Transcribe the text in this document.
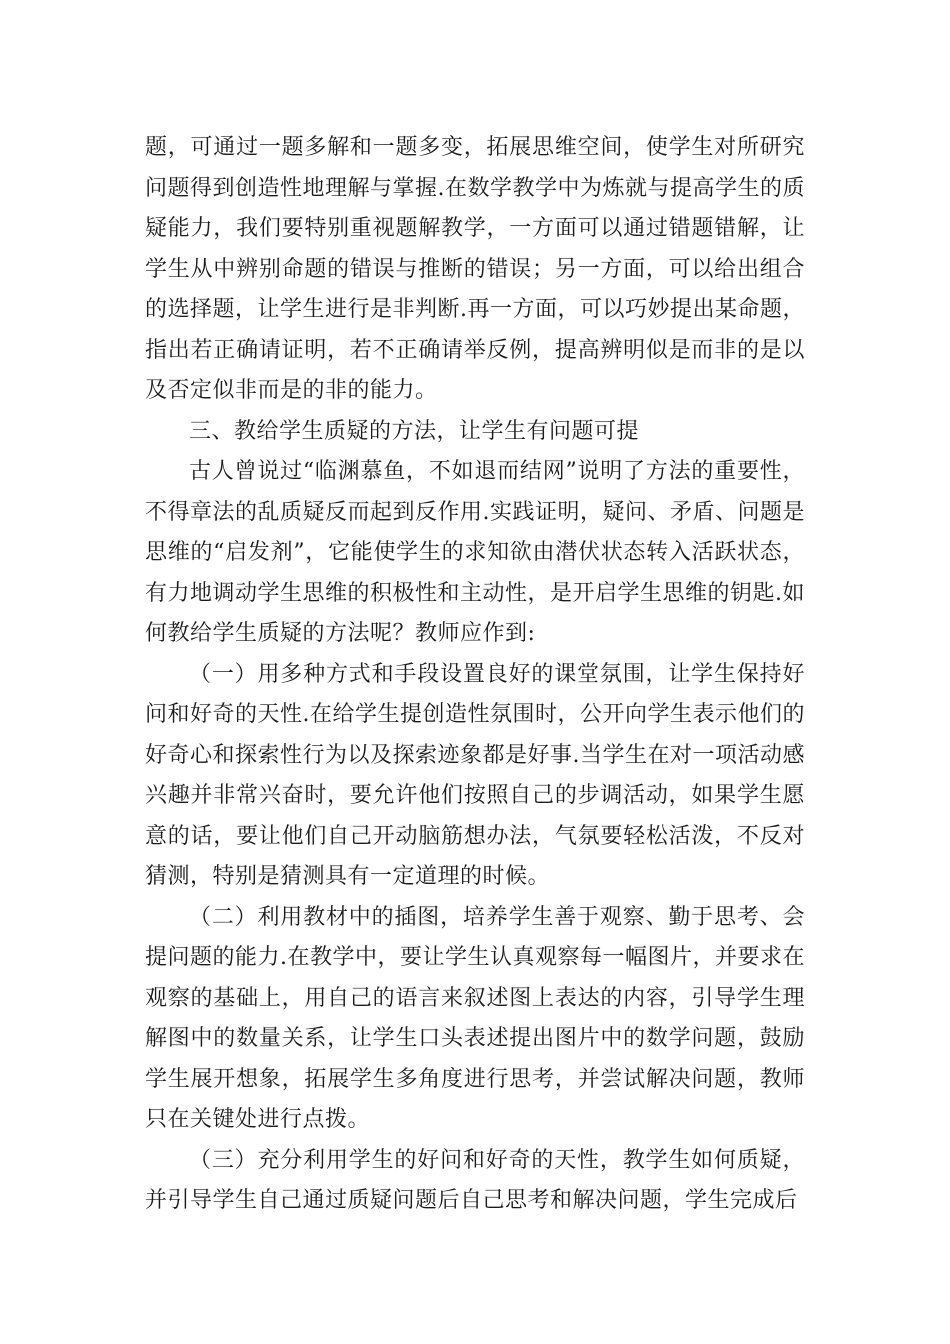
题，可通过一题多解和一题多变，拓展思维空间，使学生对所研究问题得到创造性地理解与掌握.在数学教学中为炼就与提高学生的质疑能力，我们要特别重视题解教学，一方面可以通过错题错解，让学生从中辨别命题的错误与推断的错误；另一方面，可以给出组合的选择题，让学生进行是非判断.再一方面，可以巧妙提出某命题，指出若正确请证明，若不正确请举反例，提高辨明似是而非的是以及否定似非而是的非的能力。

三、教给学生质疑的方法，让学生有问题可提

古人曾说过“临渊慕鱼，不如退而结网”说明了方法的重要性，不得章法的乱质疑反而起到反作用.实践证明，疑问、矛盾、问题是思维的“启发剂”，它能使学生的求知欲由潜伏状态转入活跃状态，有力地调动学生思维的积极性和主动性，是开启学生思维的钥匙.如何教给学生质疑的方法呢？教师应作到:

（一）用多种方式和手段设置良好的课堂氛围，让学生保持好问和好奇的天性.在给学生提创造性氛围时，公开向学生表示他们的好奇心和探索性行为以及探索迹象都是好事.当学生在对一项活动感兴趣并非常兴奋时，要允许他们按照自己的步调活动，如果学生愿意的话，要让他们自己开动脑筋想办法，气氛要轻松活泼，不反对猜测，特别是猜测具有一定道理的时候。

（二）利用教材中的插图，培养学生善于观察、勤于思考、会提问题的能力.在教学中，要让学生认真观察每一幅图片，并要求在观察的基础上，用自己的语言来叙述图上表达的内容，引导学生理解图中的数量关系，让学生口头表述提出图片中的数学问题，鼓励学生展开想象，拓展学生多角度进行思考，并尝试解决问题，教师只在关键处进行点拨。

（三）充分利用学生的好问和好奇的天性，教学生如何质疑，并引导学生自己通过质疑问题后自己思考和解决问题，学生完成后
